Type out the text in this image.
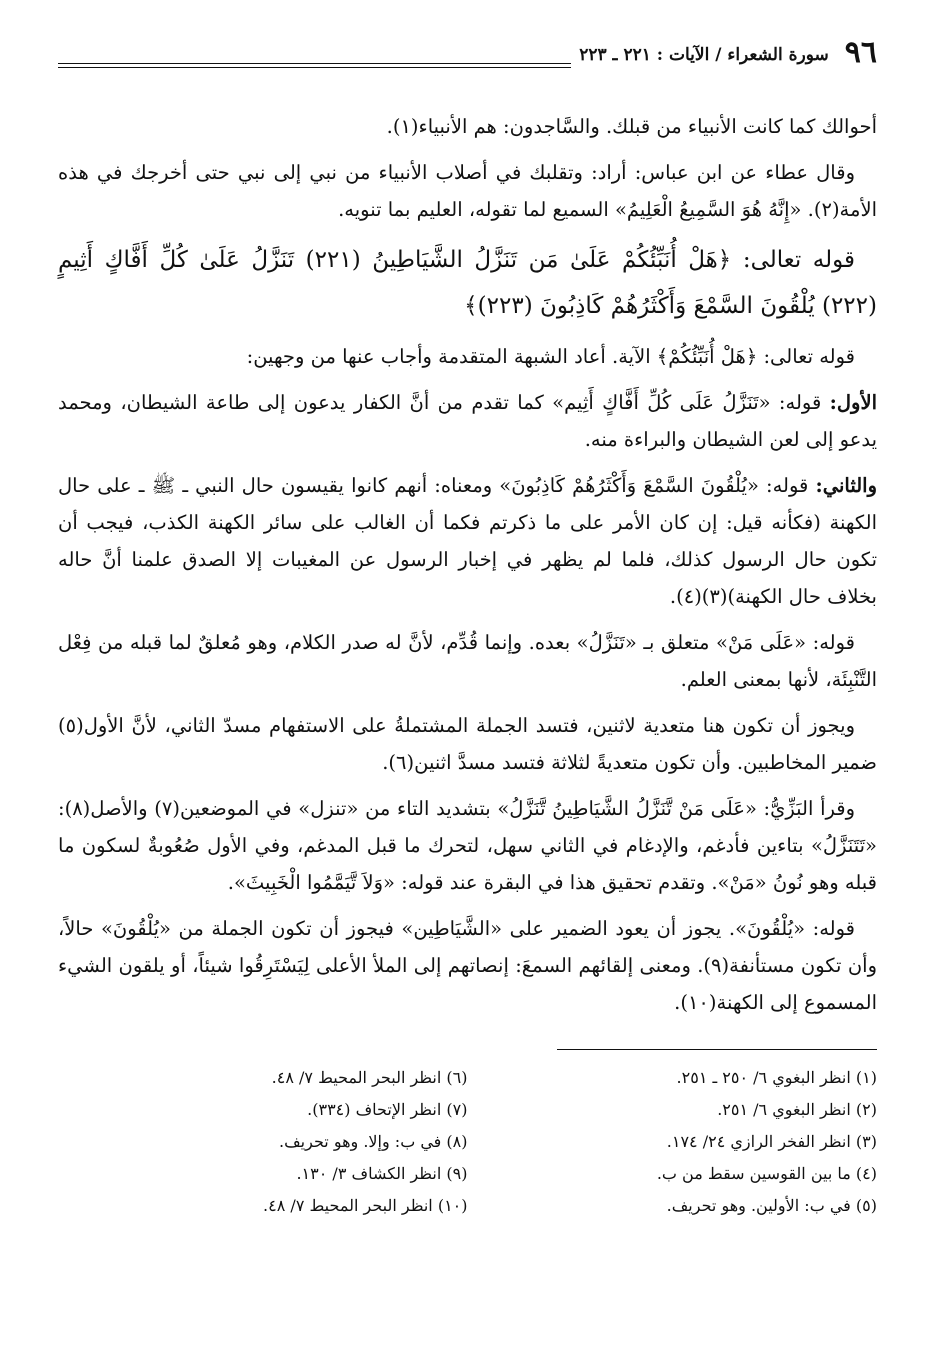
٩٦
سورة الشعراء / الآيات : ٢٢١ ـ ٢٢٣

أحوالك كما كانت الأنبياء من قبلك. والسَّاجدون: هم الأنبياء(١).

وقال عطاء عن ابن عباس: أراد: وتقلبك في أصلاب الأنبياء من نبي إلى نبي حتى أخرجك في هذه الأمة(٢). «إِنَّهُ هُوَ السَّمِيعُ الْعَلِيمُ» السميع لما تقوله، العليم بما تنويه.

قوله تعالى: ﴿هَلْ أُنَبِّئُكُمْ عَلَىٰ مَن تَنَزَّلُ الشَّيَاطِينُ (٢٢١) تَنَزَّلُ عَلَىٰ كُلِّ أَفَّاكٍ أَثِيمٍ (٢٢٢) يُلْقُونَ السَّمْعَ وَأَكْثَرُهُمْ كَاذِبُونَ (٢٢٣)﴾

قوله تعالى: ﴿هَلْ أُنَبِّئُكُمْ﴾ الآية. أعاد الشبهة المتقدمة وأجاب عنها من وجهين:

الأول: قوله: «تَنَزَّلُ عَلَى كُلِّ أَفَّاكٍ أَثِيم» كما تقدم من أنَّ الكفار يدعون إلى طاعة الشيطان، ومحمد يدعو إلى لعن الشيطان والبراءة منه.

والثاني: قوله: «يُلْقُونَ السَّمْعَ وَأَكْثَرُهُمْ كَاذِبُونَ» ومعناه: أنهم كانوا يقيسون حال النبي ـ ﷺ ـ على حال الكهنة (فكأنه قيل: إن كان الأمر على ما ذكرتم فكما أن الغالب على سائر الكهنة الكذب، فيجب أن تكون حال الرسول كذلك، فلما لم يظهر في إخبار الرسول عن المغيبات إلا الصدق علمنا أنَّ حاله بخلاف حال الكهنة)(٣)(٤).

قوله: «عَلَى مَنْ» متعلق بـ «تَنَزَّلُ» بعده. وإنما قُدِّم، لأنَّ له صدر الكلام، وهو مُعلقٌ لما قبله من فِعْل التَّنْبِئَة، لأنها بمعنى العلم.

ويجوز أن تكون هنا متعدية لاثنين، فتسد الجملة المشتملةُ على الاستفهام مسدّ الثاني، لأنَّ الأول(٥) ضمير المخاطبين. وأن تكون متعديةً لثلاثة فتسد مسدَّ اثنين(٦).

وقرأ البَزِّيُّ: «عَلَى مَنْ تَّنَزَّلُ الشَّيَاطِينُ تَّنَزَّلُ» بتشديد التاء من «تنزل» في الموضعين(٧) والأصل(٨): «تَتَنَزَّلُ» بتاءين فأدغم، والإدغام في الثاني سهل، لتحرك ما قبل المدغم، وفي الأول صُعُوبةٌ لسكون ما قبله وهو نُونُ «مَنْ». وتقدم تحقيق هذا في البقرة عند قوله: «وَلاَ تَّيَمَّمُوا الْخَبِيثَ».

قوله: «يُلْقُونَ». يجوز أن يعود الضمير على «الشَّيَاطِين» فيجوز أن تكون الجملة من «يُلْقُونَ» حالاً، وأن تكون مستأنفة(٩). ومعنى إلقائهم السمعَ: إنصاتهم إلى الملأ الأعلى لِيَسْتَرِقُوا شيئاً، أو يلقون الشيء المسموع إلى الكهنة(١٠).

(١) انظر البغوي ٦/ ٢٥٠ ـ ٢٥١.
(٢) انظر البغوي ٦/ ٢٥١.
(٣) انظر الفخر الرازي ٢٤/ ١٧٤.
(٤) ما بين القوسين سقط من ب.
(٥) في ب: الأولين. وهو تحريف.
(٦) انظر البحر المحيط ٧/ ٤٨.
(٧) انظر الإتحاف (٣٣٤).
(٨) في ب: وإلا. وهو تحريف.
(٩) انظر الكشاف ٣/ ١٣٠.
(١٠) انظر البحر المحيط ٧/ ٤٨.
